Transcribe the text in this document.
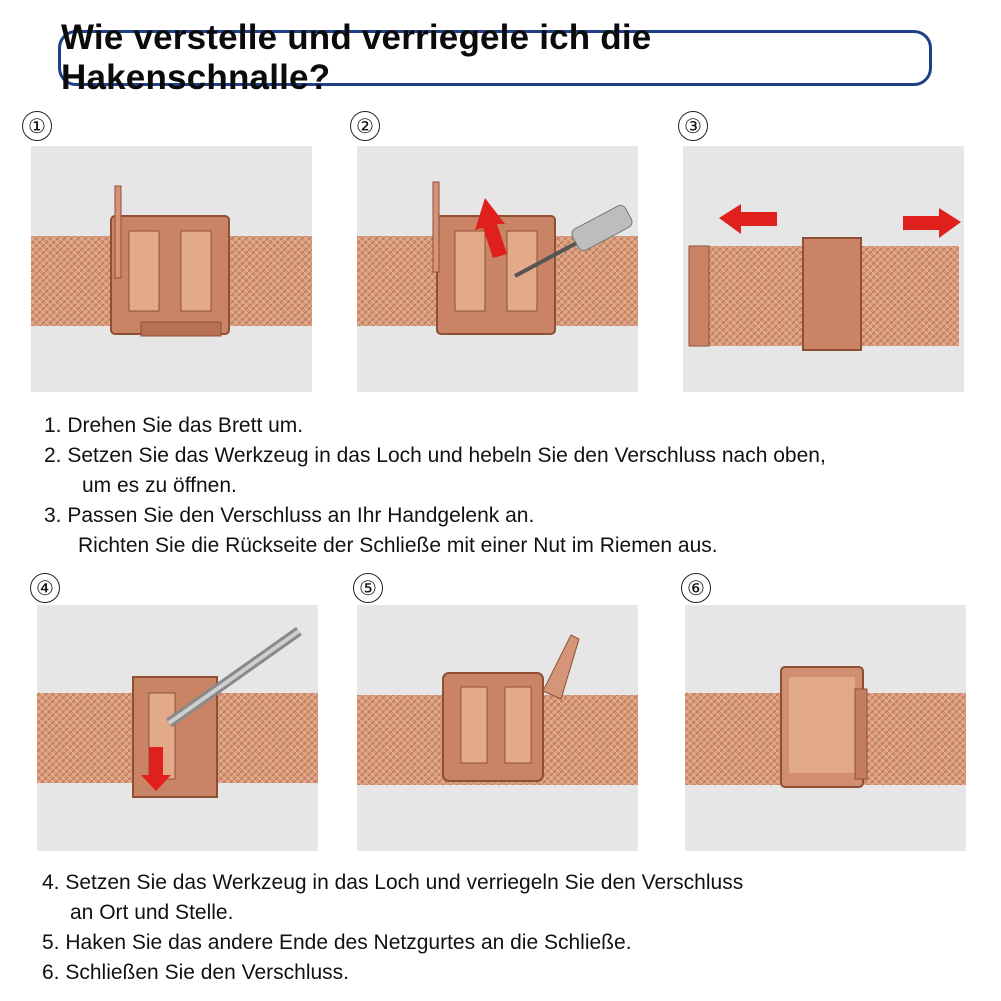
Wie verstelle und verriegele ich die Hakenschnalle?
①	②	③
④	⑤	⑥
1. Drehen Sie das Brett um.
2. Setzen Sie das Werkzeug in das Loch und hebeln Sie den Verschluss nach oben,
um es zu öffnen.
3. Passen Sie den Verschluss an Ihr Handgelenk an.
Richten Sie die Rückseite der Schließe mit einer Nut im Riemen aus.
4. Setzen Sie das Werkzeug in das Loch und verriegeln Sie den Verschluss
an Ort und Stelle.
5. Haken Sie das andere Ende des Netzgurtes an die Schließe.
6. Schließen Sie den Verschluss.
